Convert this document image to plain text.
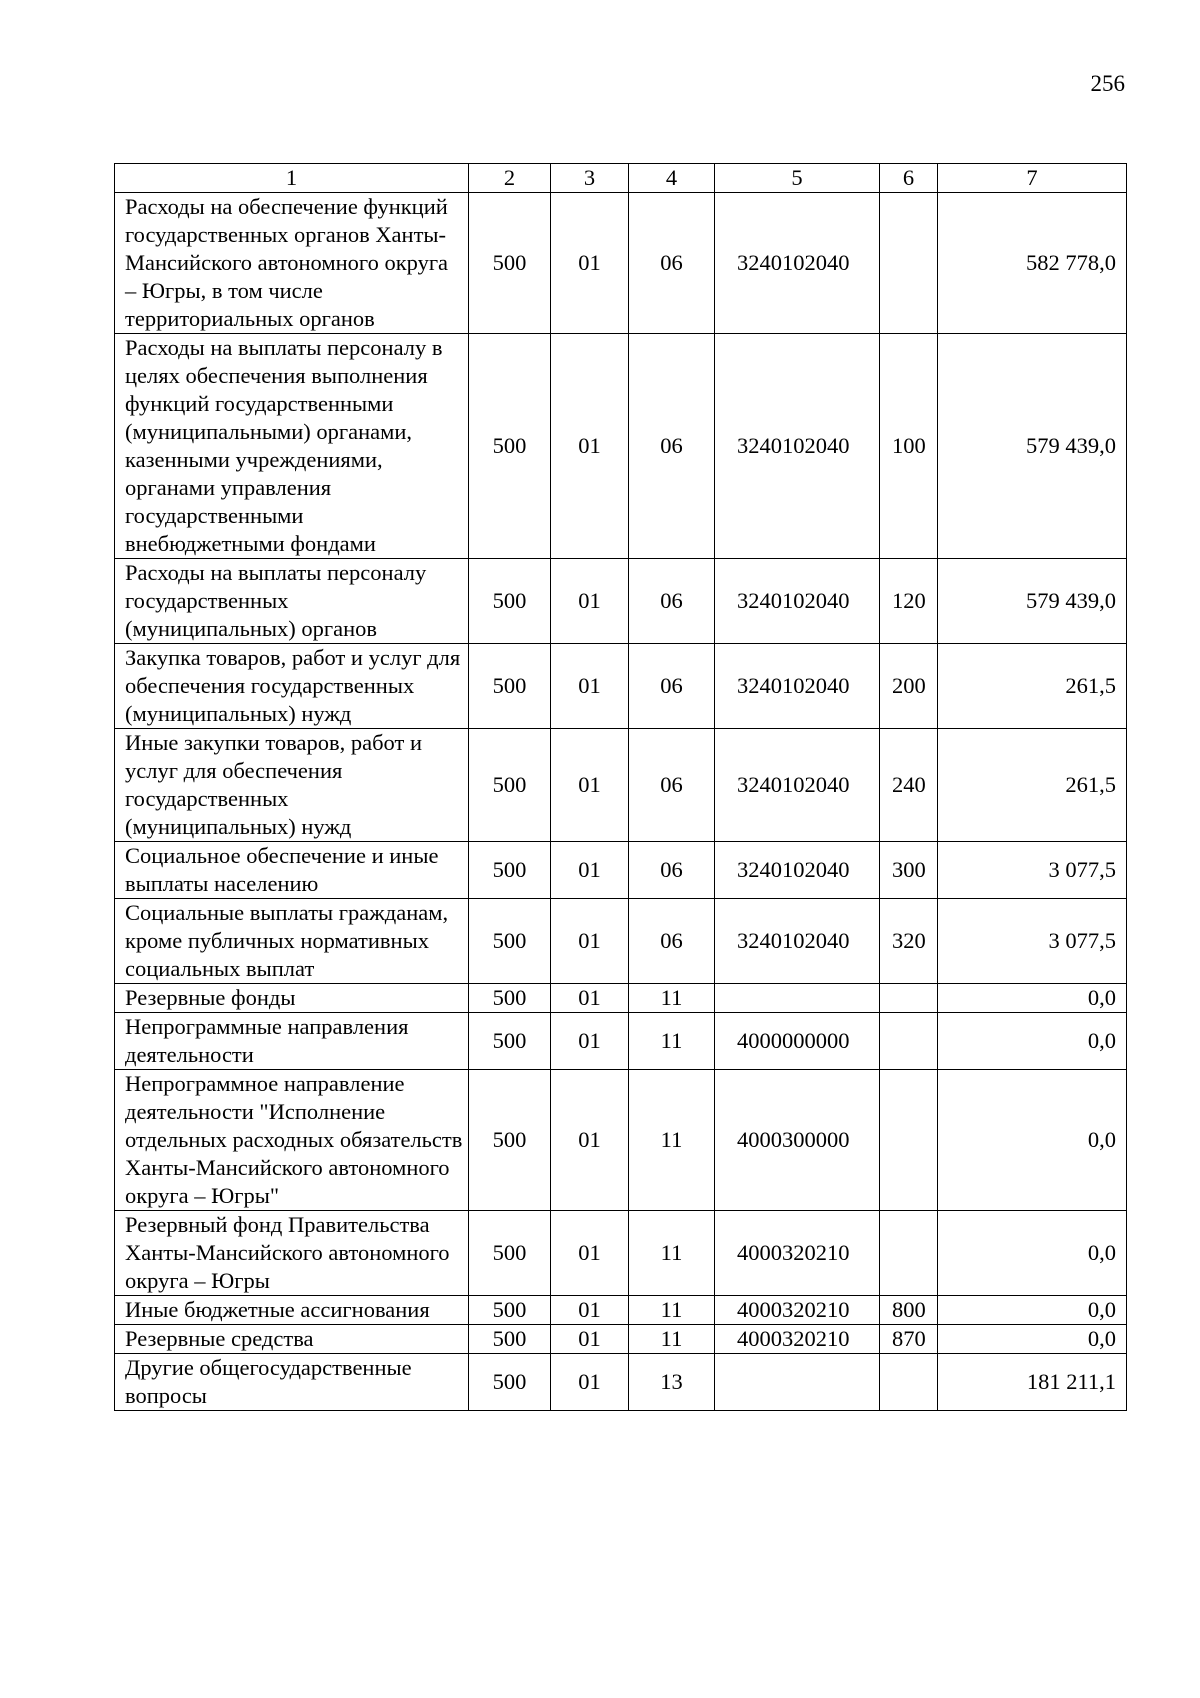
256
1	2	3	4	5	6	7
Расходы на обеспечение функций государственных органов Ханты-Мансийского автономного округа – Югры, в том числе территориальных органов	500	01	06	3240102040		582 778,0
Расходы на выплаты персоналу в целях обеспечения выполнения функций государственными (муниципальными) органами, казенными учреждениями, органами управления государственными внебюджетными фондами	500	01	06	3240102040	100	579 439,0
Расходы на выплаты персоналу государственных (муниципальных) органов	500	01	06	3240102040	120	579 439,0
Закупка товаров, работ и услуг для обеспечения государственных (муниципальных) нужд	500	01	06	3240102040	200	261,5
Иные закупки товаров, работ и услуг для обеспечения государственных (муниципальных) нужд	500	01	06	3240102040	240	261,5
Социальное обеспечение и иные выплаты населению	500	01	06	3240102040	300	3 077,5
Социальные выплаты гражданам, кроме публичных нормативных социальных выплат	500	01	06	3240102040	320	3 077,5
Резервные фонды	500	01	11			0,0
Непрограммные направления деятельности	500	01	11	4000000000		0,0
Непрограммное направление деятельности "Исполнение отдельных расходных обязательств Ханты-Мансийского автономного округа – Югры"	500	01	11	4000300000		0,0
Резервный фонд Правительства Ханты-Мансийского автономного округа – Югры	500	01	11	4000320210		0,0
Иные бюджетные ассигнования	500	01	11	4000320210	800	0,0
Резервные средства	500	01	11	4000320210	870	0,0
Другие общегосударственные вопросы	500	01	13			181 211,1
